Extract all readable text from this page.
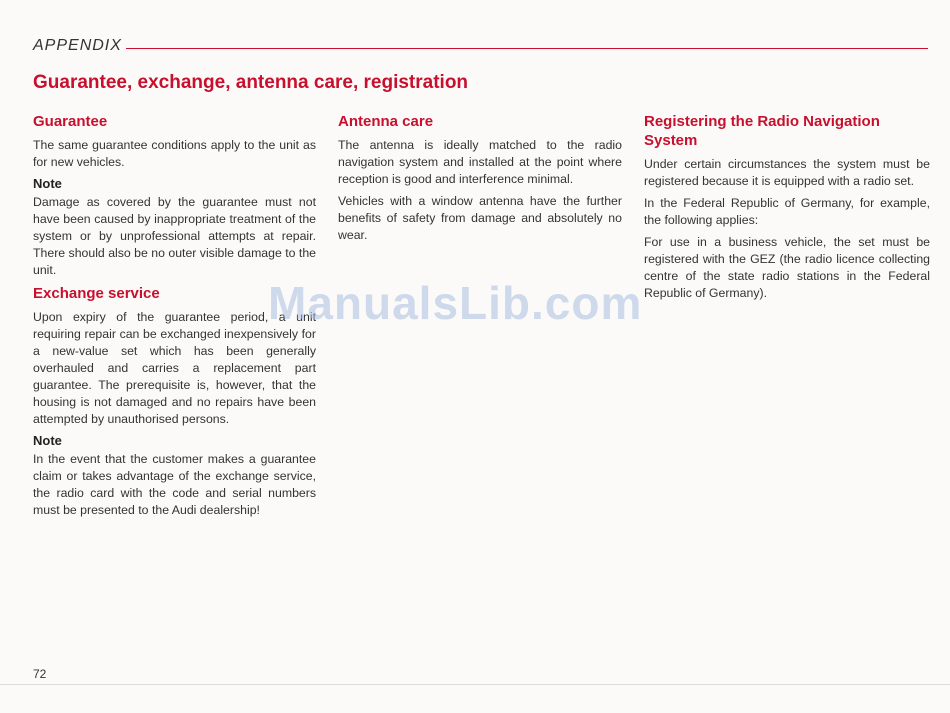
APPENDIX
Guarantee, exchange, antenna care, registration
Guarantee

The same guarantee conditions apply to the unit as for new vehicles.

Note

Damage as covered by the guarantee must not have been caused by inappropriate treatment of the system or by unprofessional attempts at repair. There should also be no outer visible damage to the unit.

Exchange service

Upon expiry of the guarantee period, a unit requiring repair can be exchanged inexpensively for a new-value set which has been generally overhauled and carries a replacement part guarantee. The prerequisite is, however, that the housing is not damaged and no repairs have been attempted by unauthorised persons.

Note

In the event that the customer makes a guarantee claim or takes advantage of the exchange service, the radio card with the code and serial numbers must be presented to the Audi dealership!

Antenna care

The antenna is ideally matched to the radio navigation system and installed at the point where reception is good and interference minimal.

Vehicles with a window antenna have the further benefits of safety from damage and absolutely no wear.

Registering the Radio Navigation System

Under certain circumstances the system must be registered because it is equipped with a radio set.

In the Federal Republic of Germany, for example, the following applies:

For use in a business vehicle, the set must be registered with the GEZ (the radio licence collecting centre of the state radio stations in the Federal Republic of Germany).

ManualsLib.com
72
